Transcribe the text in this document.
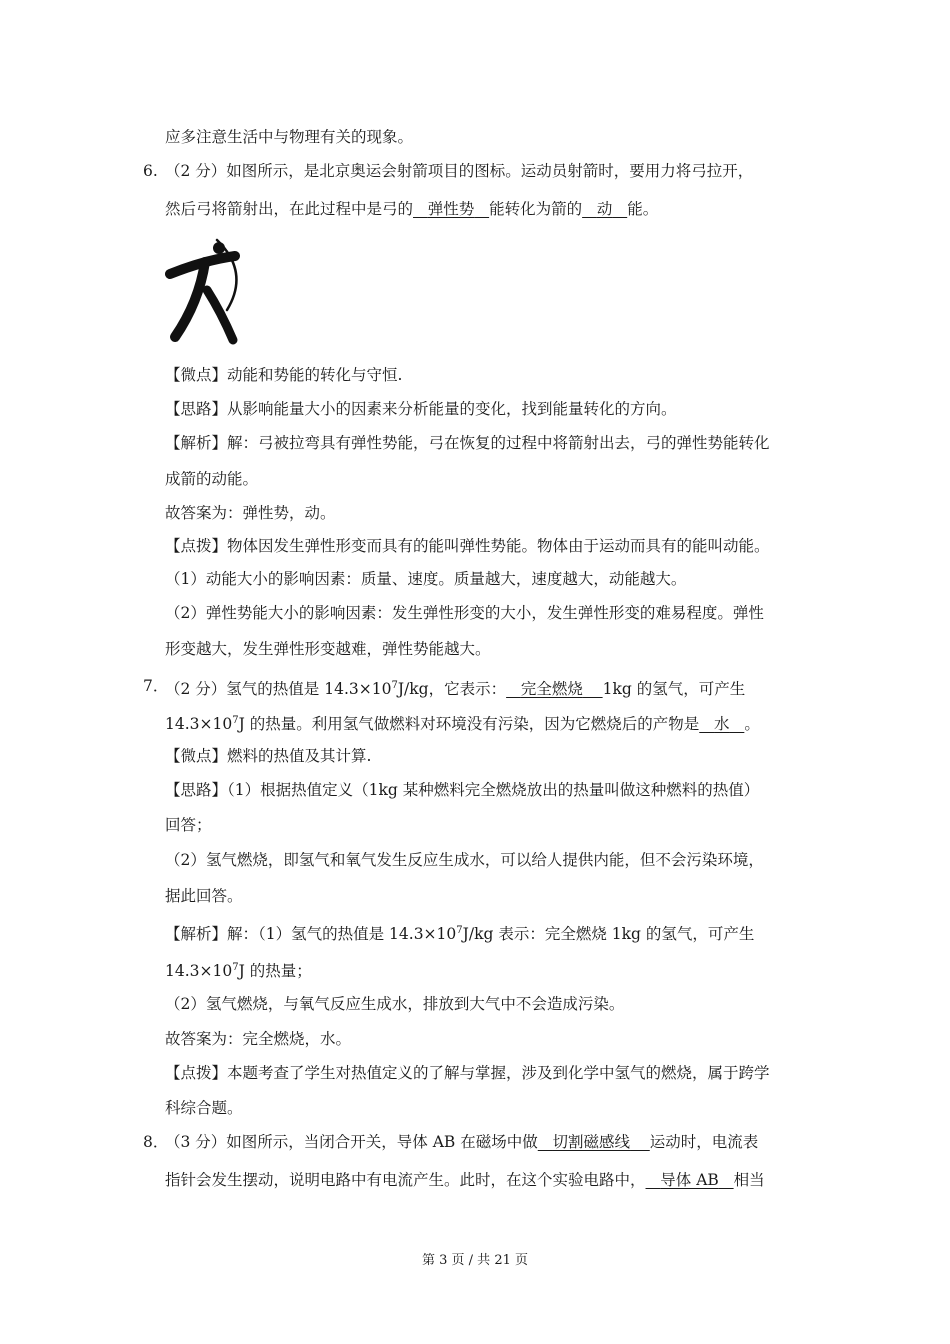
应多注意生活中与物理有关的现象。
6. （2 分）如图所示，是北京奥运会射箭项目的图标。运动员射箭时，要用力将弓拉开，
然后弓将箭射出，在此过程中是弓的 弹性势 能转化为箭的 动 能。
【微点】动能和势能的转化与守恒.
【思路】从影响能量大小的因素来分析能量的变化，找到能量转化的方向。
【解析】解：弓被拉弯具有弹性势能，弓在恢复的过程中将箭射出去，弓的弹性势能转化
成箭的动能。
故答案为：弹性势，动。
【点拨】物体因发生弹性形变而具有的能叫弹性势能。物体由于运动而具有的能叫动能。
（1）动能大小的影响因素：质量、速度。质量越大，速度越大，动能越大。
（2）弹性势能大小的影响因素：发生弹性形变的大小，发生弹性形变的难易程度。弹性
形变越大，发生弹性形变越难，弹性势能越大。
7．
（2 分）氢气的热值是 $14.3\times 10^7J/kg$，它表示： 完全燃烧 1kg 的氢气，可产生
$14.3\times 10^7J$ 的热量。利用氢气做燃料对环境没有污染，因为它燃烧后的产物是 水 。
【微点】燃料的热值及其计算.
【思路】（1）根据热值定义（1kg 某种燃料完全燃烧放出的热量叫做这种燃料的热值）
回答；
（2）氢气燃烧，即氢气和氧气发生反应生成水，可以给人提供内能，但不会污染环境，
据此回答。
【解析】解：（1）氢气的热值是 $14.3\times 10^7J/kg$ 表示：完全燃烧 1kg 的氢气，可产生
$14.3\times 10^7J$ 的热量；
（2）氢气燃烧，与氧气反应生成水，排放到大气中不会造成污染。
故答案为：完全燃烧，水。
【点拨】本题考查了学生对热值定义的了解与掌握，涉及到化学中氢气的燃烧，属于跨学
科综合题。
8．
（3 分）如图所示，当闭合开关，导体 AB 在磁场中做 切割磁感线 运动时，电流表
指针会发生摆动，说明电路中有电流产生。此时，在这个实验电路中， 导体 AB 相当
第 3 页 / 共 21 页
